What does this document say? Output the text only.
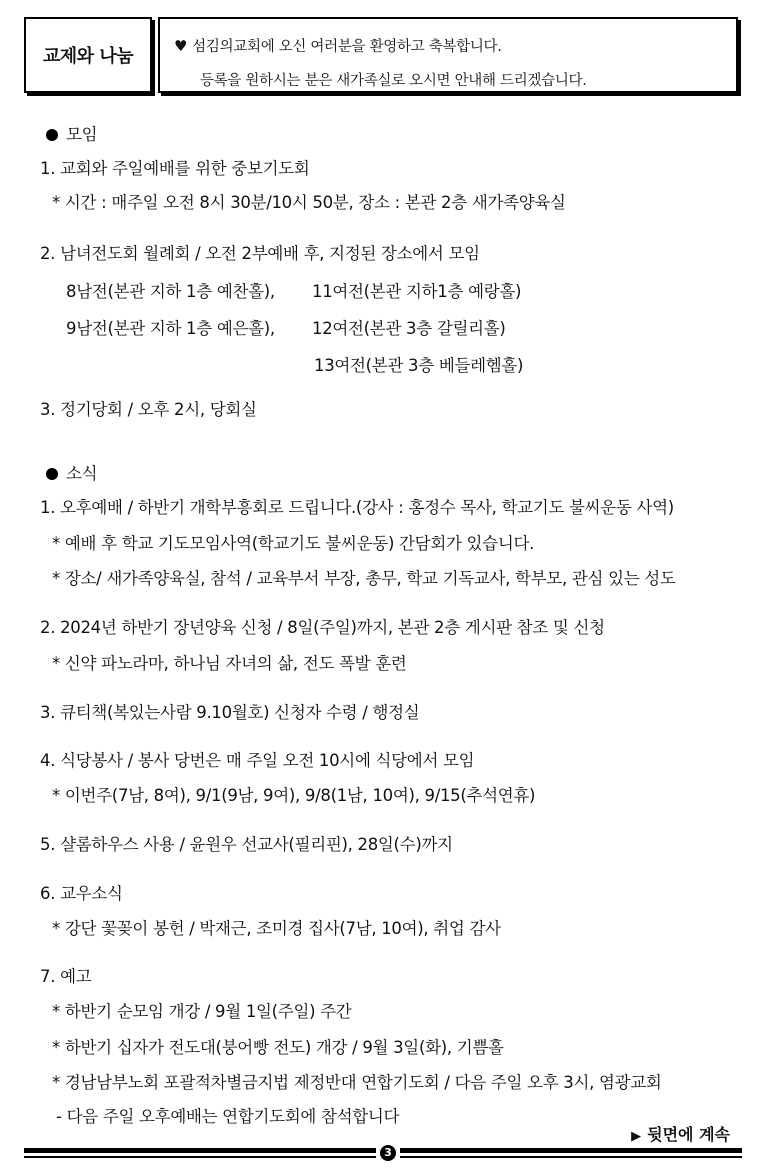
교제와 나눔	♥ 섬김의교회에 오신 여러분을 환영하고 축복합니다.
등록을 원하시는 분은 새가족실로 오시면 안내해 드리겠습니다.
모임
1. 교회와 주일예배를 위한 중보기도회
* 시간 : 매주일 오전 8시 30분/10시 50분, 장소 : 본관 2층 새가족양육실
2. 남녀전도회 월례회 / 오전 2부예배 후, 지정된 장소에서 모임
8남전(본관 지하 1층 예찬홀), 11여전(본관 지하1층 예랑홀)
9남전(본관 지하 1층 예은홀), 12여전(본관 3층 갈릴리홀)
13여전(본관 3층 베들레헴홀)
3. 정기당회 / 오후 2시, 당회실
소식
1. 오후예배 / 하반기 개학부흥회로 드립니다.(강사 : 홍정수 목사, 학교기도 불씨운동 사역)
* 예배 후 학교 기도모임사역(학교기도 불씨운동) 간담회가 있습니다.
* 장소/ 새가족양육실, 참석 / 교육부서 부장, 총무, 학교 기독교사, 학부모, 관심 있는 성도
2. 2024년 하반기 장년양육 신청 / 8일(주일)까지, 본관 2층 게시판 참조 및 신청
* 신약 파노라마, 하나님 자녀의 삶, 전도 폭발 훈련
3. 큐티책(복있는사람 9.10월호) 신청자 수령 / 행정실
4. 식당봉사 / 봉사 당번은 매 주일 오전 10시에 식당에서 모임
* 이번주(7남, 8여), 9/1(9남, 9여), 9/8(1남, 10여), 9/15(추석연휴)
5. 샬롬하우스 사용 / 윤원우 선교사(필리핀), 28일(수)까지
6. 교우소식
* 강단 꽃꽂이 봉헌 / 박재근, 조미경 집사(7남, 10여), 취업 감사
7. 예고
* 하반기 순모임 개강 / 9월 1일(주일) 주간
* 하반기 십자가 전도대(붕어빵 전도) 개강 / 9월 3일(화), 기쁨홀
* 경남남부노회 포괄적차별금지법 제정반대 연합기도회 / 다음 주일 오후 3시, 염광교회
- 다음 주일 오후예배는 연합기도회에 참석합니다
▶ 뒷면에 계속
3
